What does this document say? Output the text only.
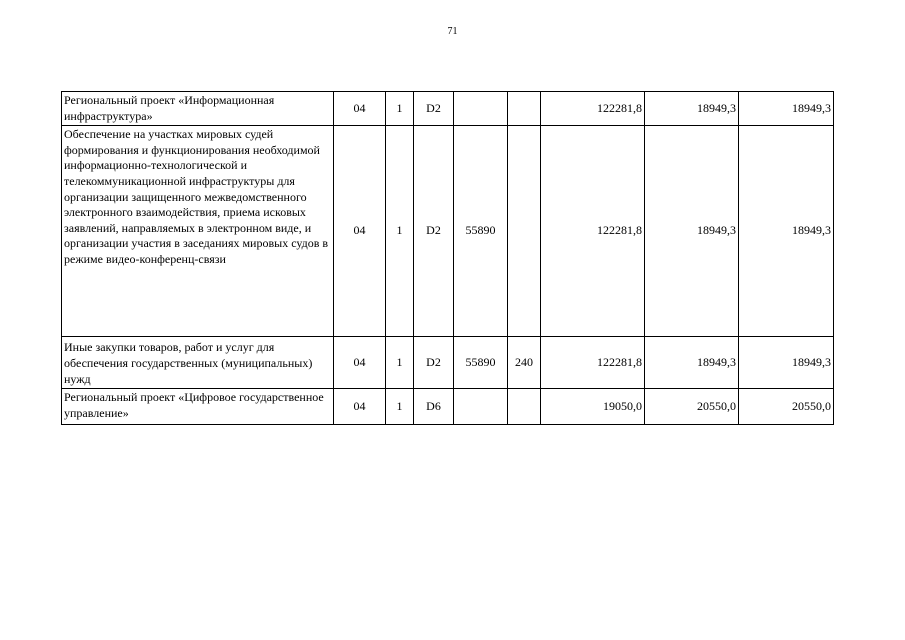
71
Региональный проект «Информационная инфраструктура»	04	1	D2			122281,8	18949,3	18949,3
Обеспечение на участках мировых судей формирования и функционирования необходимой информационно-технологической и телекоммуникационной инфраструктуры для организации защищенного межведомственного электронного взаимодействия, приема исковых заявлений, направляемых в электронном виде, и организации участия в заседаниях мировых судов в режиме видео-конференц-связи	04	1	D2	55890		122281,8	18949,3	18949,3
Иные закупки товаров, работ и услуг для обеспечения государственных (муниципальных) нужд	04	1	D2	55890	240	122281,8	18949,3	18949,3
Региональный проект «Цифровое государственное управление»	04	1	D6			19050,0	20550,0	20550,0
